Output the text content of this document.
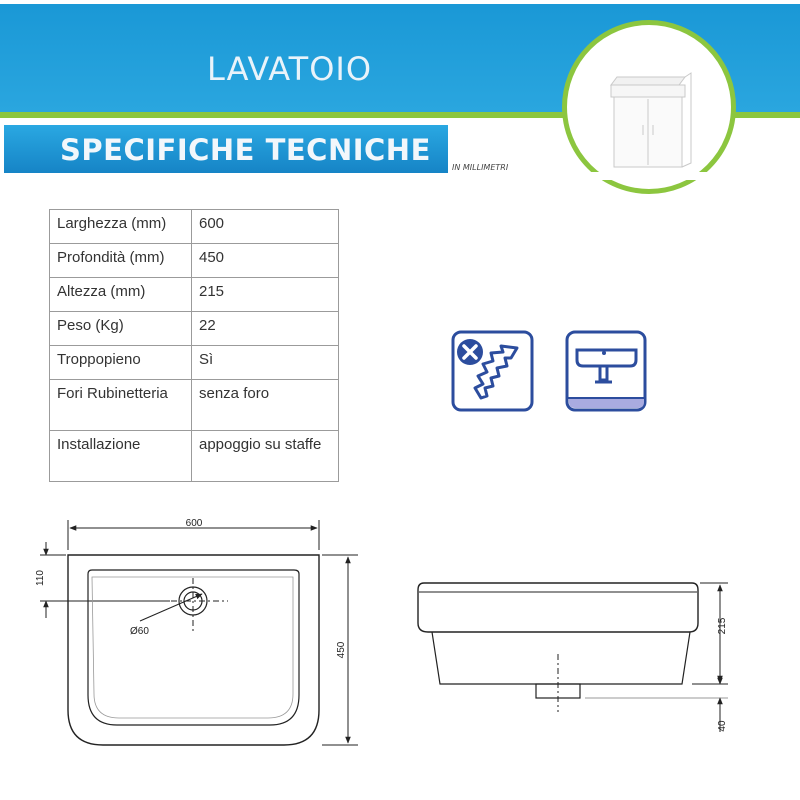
LAVATOIO
SPECIFICHE TECNICHE
IN MILLIMETRI
Larghezza (mm)	600
Profondità (mm)	450
Altezza (mm)	215
Peso (Kg)	22
Troppopieno	Sì
Fori Rubinetteria	senza foro
Installazione	appoggio su staffe
600
Ø60
450
110
215
40
